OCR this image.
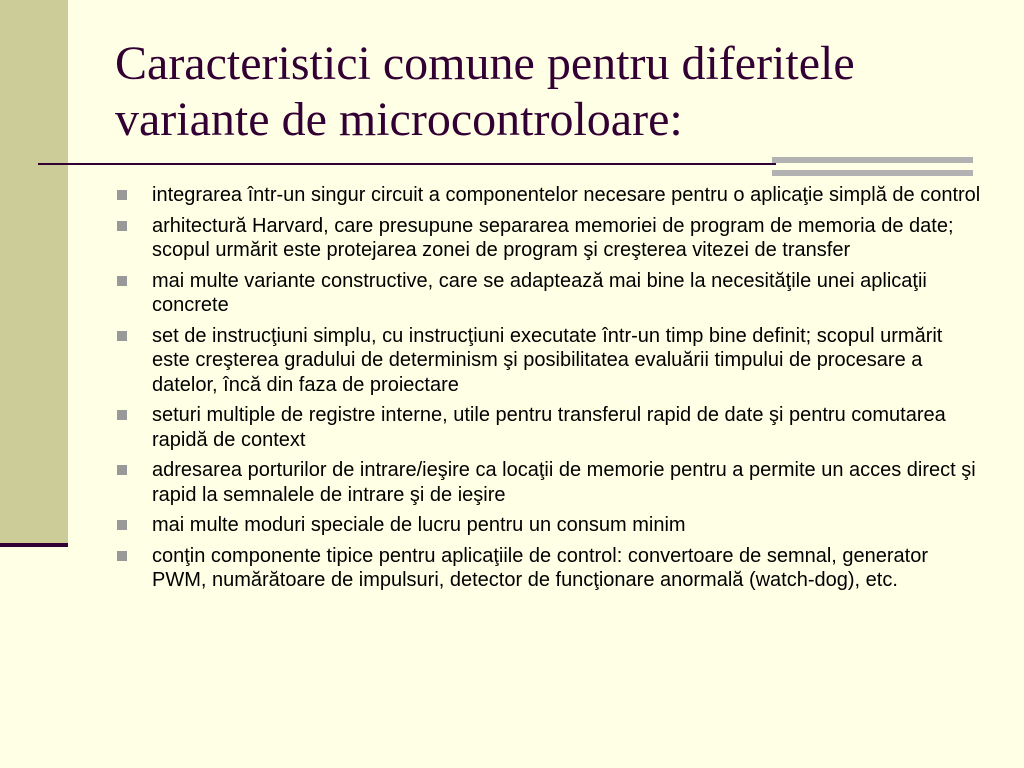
Caracteristici comune pentru diferitele
variante de microcontroloare:
integrarea într-un singur circuit a componentelor necesare pentru o aplicaţie simplă de control
arhitectură Harvard, care presupune separarea memoriei de program de memoria de date; scopul urmărit este protejarea zonei de program şi creşterea vitezei de transfer
mai multe variante constructive, care se adaptează mai bine la necesităţile unei aplicaţii concrete
set de instrucţiuni simplu, cu instrucţiuni executate într-un timp bine definit; scopul urmărit este creşterea gradului de determinism şi posibilitatea evaluării timpului de procesare a datelor, încă din faza de proiectare
seturi multiple de registre interne, utile pentru transferul rapid de date şi pentru comutarea rapidă de context
adresarea porturilor de intrare/ieşire ca locaţii de memorie pentru a permite un acces direct şi rapid la semnalele de intrare şi de ieşire
mai multe moduri speciale de lucru pentru un consum minim
conţin componente tipice pentru aplicaţiile de control: convertoare de semnal, generator PWM, numărătoare de impulsuri, detector de funcţionare anormală (watch-dog), etc.
